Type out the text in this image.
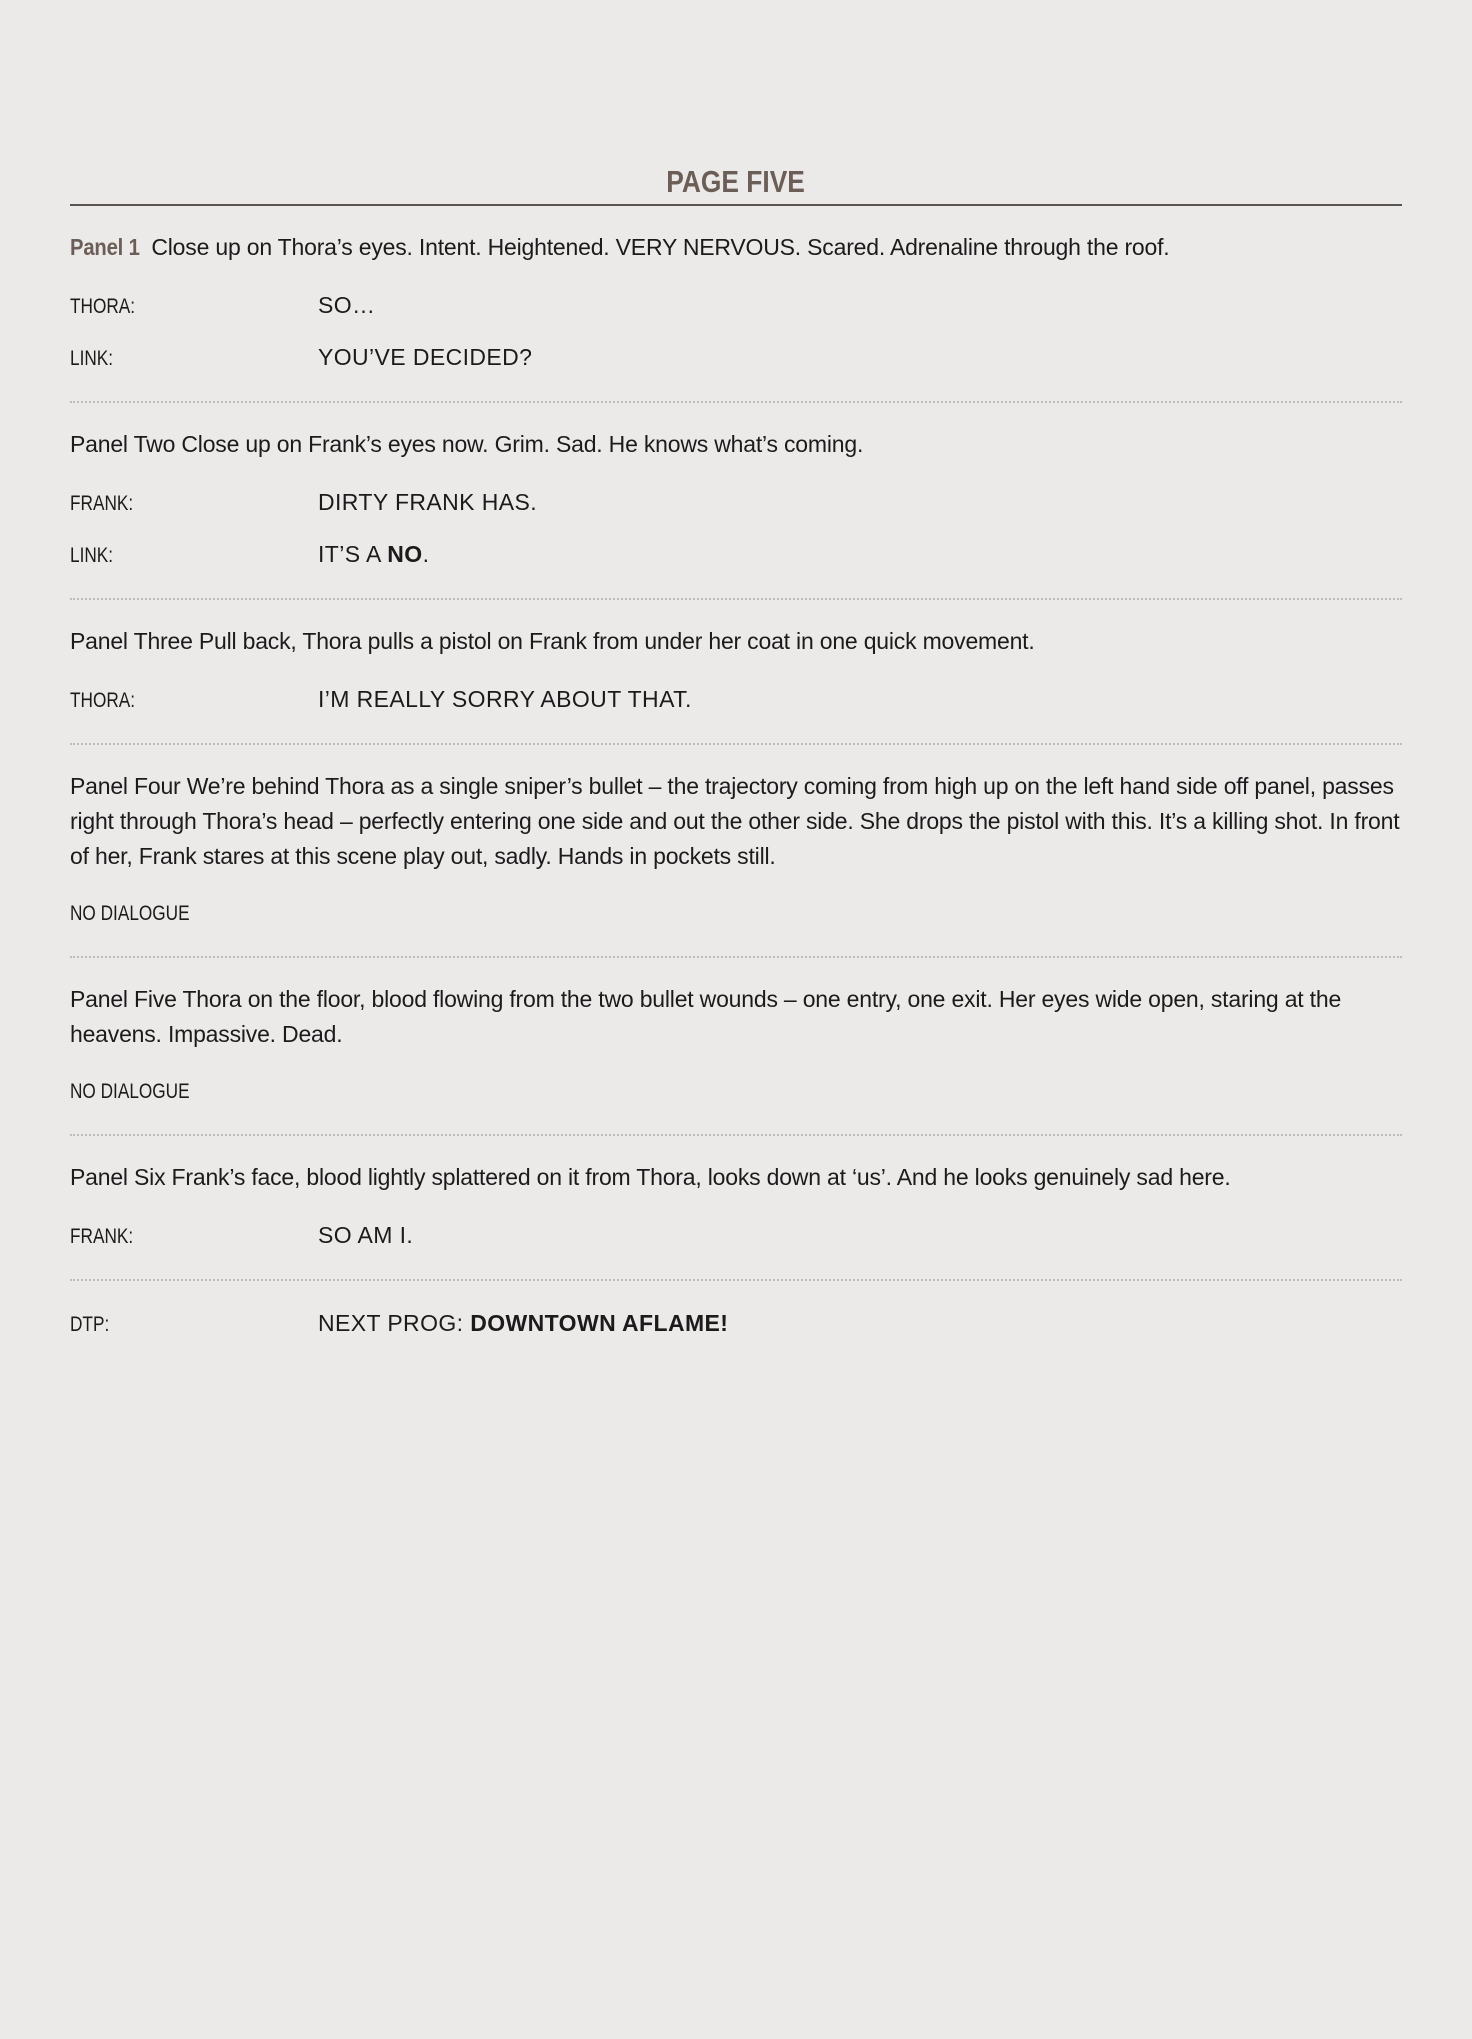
PAGE FIVE

Panel 1 Close up on Thora’s eyes. Intent. Heightened. VERY NERVOUS. Scared. Adrenaline through the roof.

THORA:	SO…
LINK:	YOU’VE DECIDED?

Panel Two Close up on Frank’s eyes now. Grim. Sad. He knows what’s coming.

FRANK:	DIRTY FRANK HAS.
LINK:	IT’S A NO.

Panel Three Pull back, Thora pulls a pistol on Frank from under her coat in one quick movement.

THORA:	I’M REALLY SORRY ABOUT THAT.

Panel Four We’re behind Thora as a single sniper’s bullet – the trajectory coming from high up on the left hand side off panel, passes right through Thora’s head – perfectly entering one side and out the other side. She drops the pistol with this. It’s a killing shot. In front of her, Frank stares at this scene play out, sadly. Hands in pockets still.

NO DIALOGUE

Panel Five Thora on the floor, blood flowing from the two bullet wounds – one entry, one exit. Her eyes wide open, staring at the heavens. Impassive. Dead.

NO DIALOGUE

Panel Six Frank’s face, blood lightly splattered on it from Thora, looks down at ‘us’. And he looks genuinely sad here.

FRANK:	SO AM I.
DTP:	NEXT PROG: DOWNTOWN AFLAME!
